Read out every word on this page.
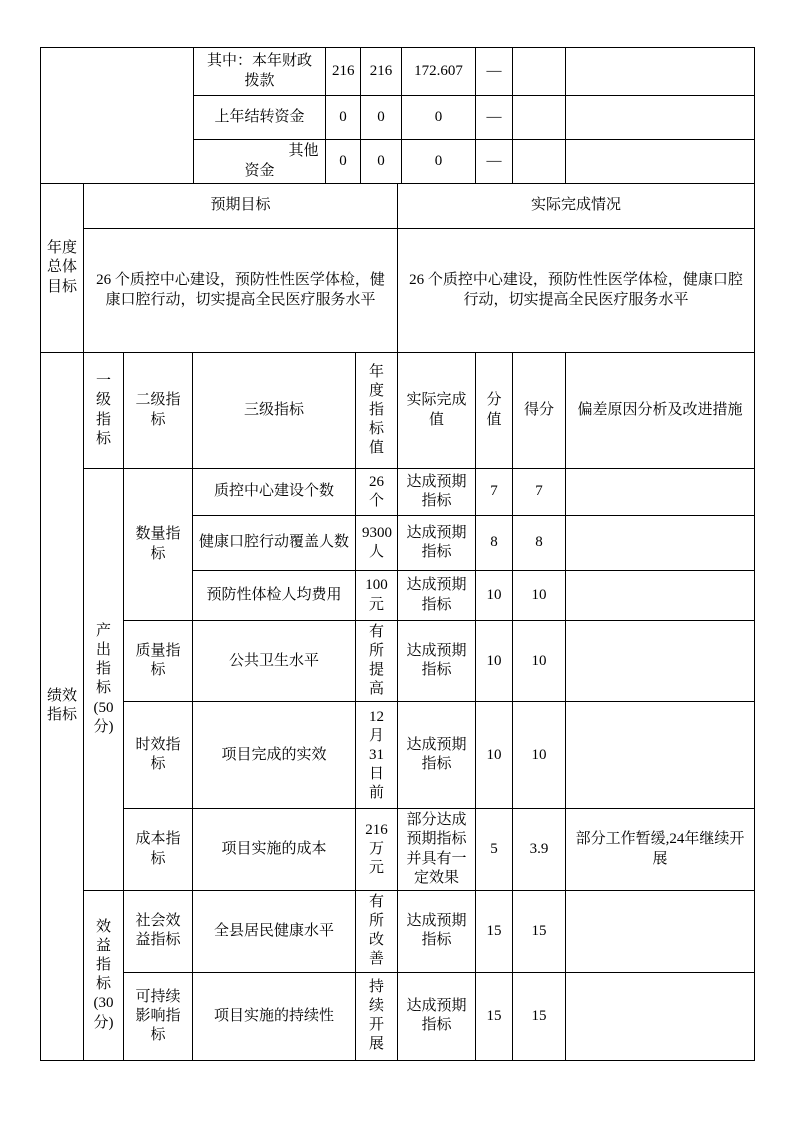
	其中：本年财政拨款	216	216	172.607	—		
	上年结转资金	0	0	0	—		
	其他资金	0	0	0	—		
年度总体目标	预期目标	实际完成情况
	26 个质控中心建设，预防性性医学体检，健康口腔行动，切实提高全民医疗服务水平	26 个质控中心建设，预防性性医学体检，健康口腔行动，切实提高全民医疗服务水平
绩效指标	一级指标	二级指标	三级指标	年度指标值	实际完成值	分值	得分	偏差原因分析及改进措施
	产出指标(50分)	数量指标	质控中心建设个数	26个	达成预期指标	7	7	
			健康口腔行动覆盖人数	9300人	达成预期指标	8	8	
			预防性体检人均费用	100元	达成预期指标	10	10	
		质量指标	公共卫生水平	有所提高	达成预期指标	10	10	
		时效指标	项目完成的实效	12月31日前	达成预期指标	10	10	
		成本指标	项目实施的成本	216万元	部分达成预期指标并具有一定效果	5	3.9	部分工作暂缓,24年继续开展
	效益指标(30分)	社会效益指标	全县居民健康水平	有所改善	达成预期指标	15	15	
		可持续影响指标	项目实施的持续性	持续开展	达成预期指标	15	15	
